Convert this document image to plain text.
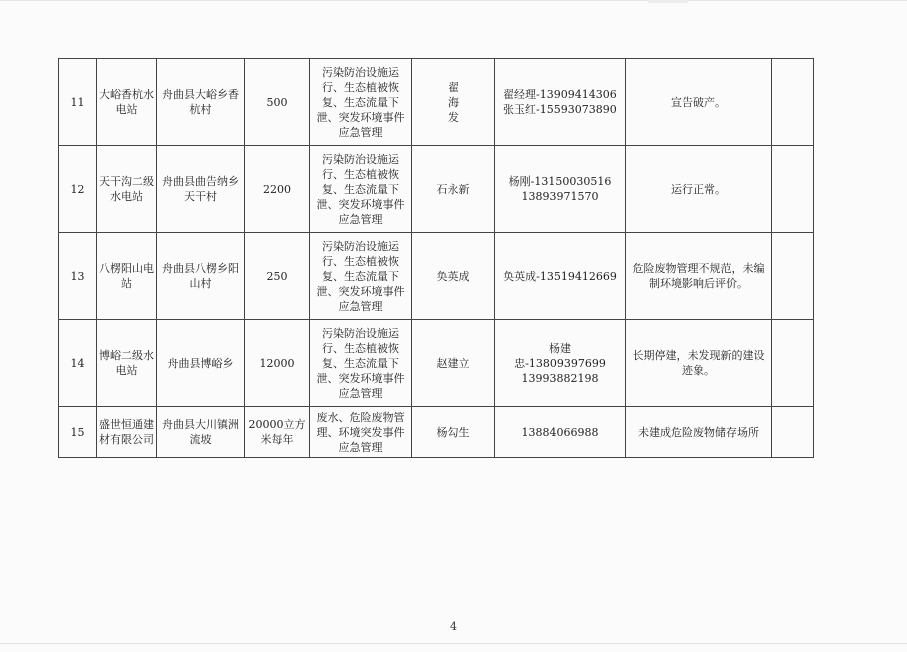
11	大峪香杭水电站	舟曲县大峪乡香杭村	500	污染防治设施运行、生态植被恢复、生态流量下泄、突发环境事件应急管理	翟海发	翟经理-13909414306 张玉红-15593073890	宣告破产。	
12	天干沟二级水电站	舟曲县曲告纳乡天干村	2200	污染防治设施运行、生态植被恢复、生态流量下泄、突发环境事件应急管理	石永新	杨刚-13150030516 13893971570	运行正常。	
13	八楞阳山电站	舟曲县八楞乡阳山村	250	污染防治设施运行、生态植被恢复、生态流量下泄、突发环境事件应急管理	奂英成	奂英成-13519412669	危险废物管理不规范，未编制环境影响后评价。	
14	博峪二级水电站	舟曲县博峪乡	12000	污染防治设施运行、生态植被恢复、生态流量下泄、突发环境事件应急管理	赵建立	杨建忠-13809397699 13993882198	长期停建，未发现新的建设迹象。	
15	盛世恒通建材有限公司	舟曲县大川镇洲流坡	20000立方米每年	废水、危险废物管理、环境突发事件应急管理	杨勾生	13884066988	未建成危险废物储存场所	
4
